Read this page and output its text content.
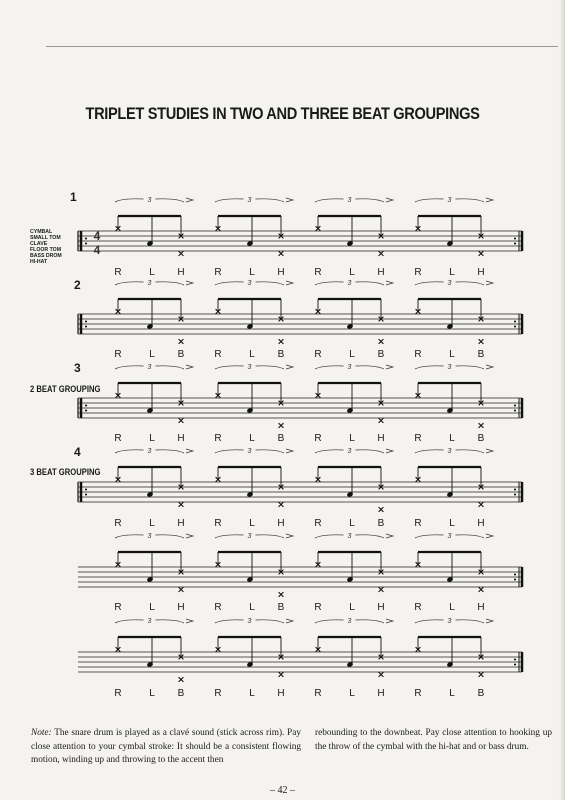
TRIPLET STUDIES IN TWO AND THREE BEAT GROUPINGS
CYMBAL
SMALL TOM
CLAVE
FLOOR TOM
BASS DROM
HI-HAT
1
2
3
4
2 BEAT GROUPING
3 BEAT GROUPING
4
4
3	3	3	3
3	3	3	3
3	3	3	3
3	3	3	3
3	3	3	3
3	3	3	3
R	L	H	R	L	H	R	L	H	R	L	H
R	L	B	R	L	B	R	L	B	R	L	B
R	L	H	R	L	B	R	L	H	R	L	B
R	L	H	R	L	H	R	L	B	R	L	H
R	L	H	R	L	B	R	L	H	R	L	H
R	L	B	R	L	H	R	L	H	R	L	B
Note: The snare drum is played as a clavé sound (stick across rim). Pay close attention to your cymbal stroke: It should be a consistent flowing motion, winding up and throwing to the accent then
rebounding to the downbeat. Pay close attention to hooking up the throw of the cymbal with the hi-hat and or bass drum.
– 42 –
